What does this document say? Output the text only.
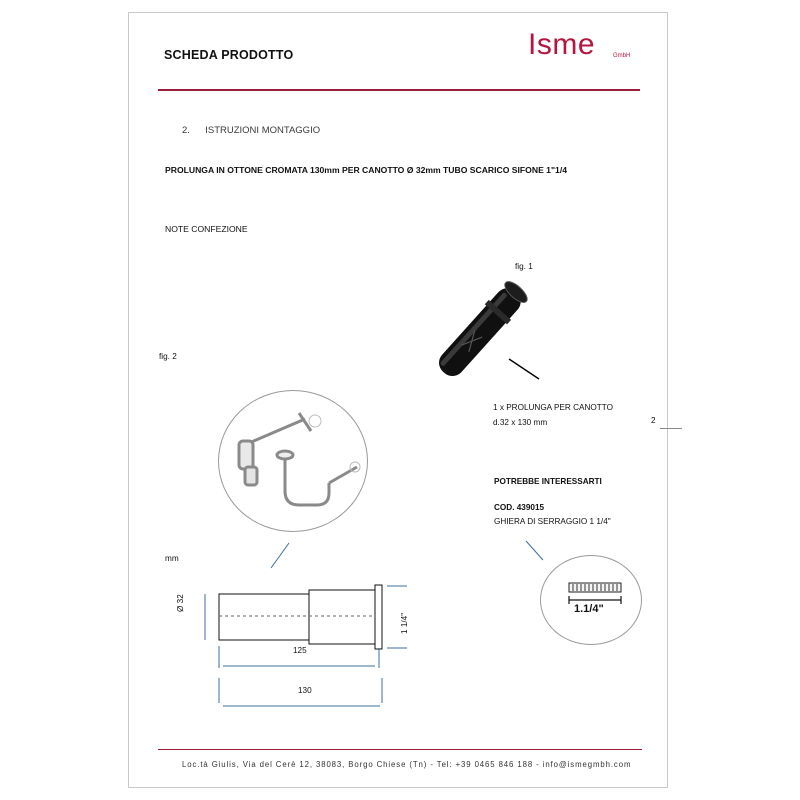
SCHEDA PRODOTTO	Isme	GmbH
2. ISTRUZIONI MONTAGGIO
PROLUNGA IN OTTONE CROMATA 130mm PER CANOTTO Ø 32mm TUBO SCARICO SIFONE 1"1/4
NOTE CONFEZIONE
fig. 1
1 x PROLUNGA PER CANOTTO
d.32 x 130 mm	2
fig. 2
mm
Ø 32
1 1/4"
125
130
POTREBBE INTERESSARTI
COD. 439015
GHIERA DI SERRAGGIO 1 1/4"
1.1/4"
Loc.tà Giulis, Via del Cerè 12, 38083, Borgo Chiese (Tn) - Tel: +39 0465 846 188 - info@ismegmbh.com
